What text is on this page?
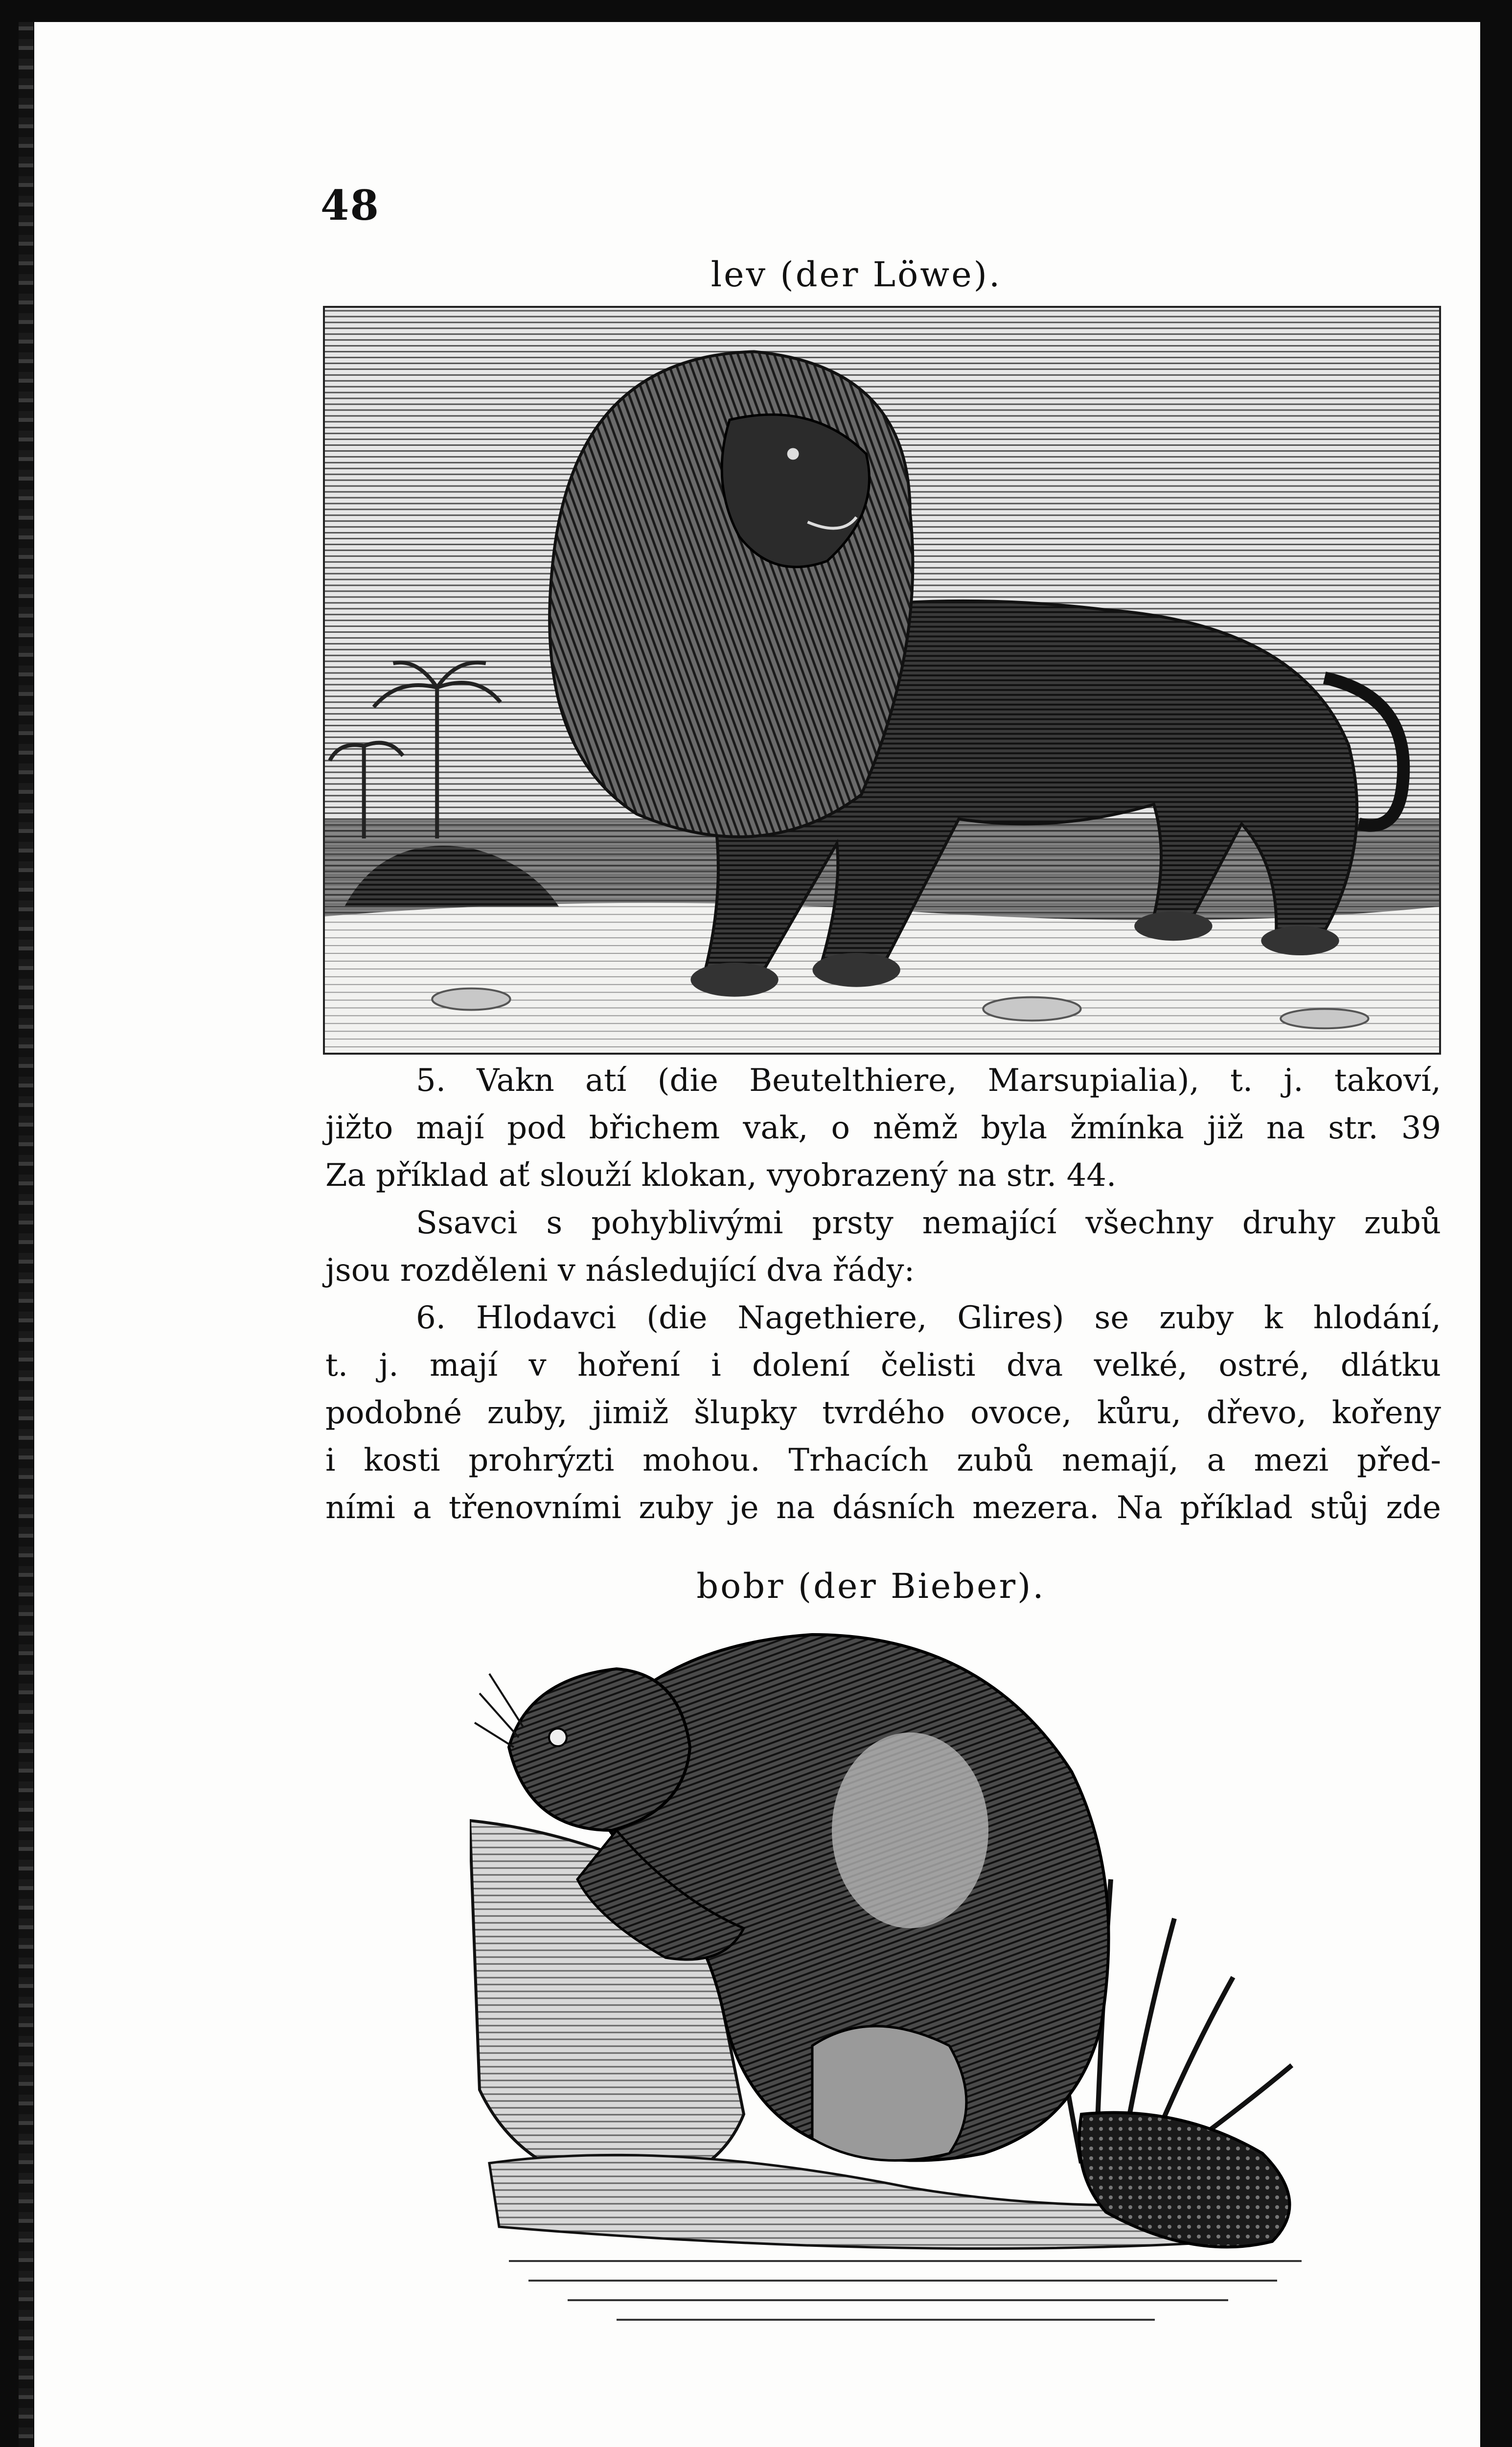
48
lev (der Löwe).
5. Vakn atí (die Beutelthiere, Marsupialia), t. j. takoví,
jižto mají pod břichem vak, o němž byla žmínka již na str. 39
Za příklad ať slouží klokan, vyobrazený na str. 44.
Ssavci s pohyblivými prsty nemající všechny druhy zubů
jsou rozděleni v následující dva řády:
6. Hlodavci (die Nagethiere, Glires) se zuby k hlodání,
t. j. mají v hoření i dolení čelisti dva velké, ostré, dlátku
podobné zuby, jimiž šlupky tvrdého ovoce, kůru, dřevo, kořeny
i kosti prohrýzti mohou. Trhacích zubů nemají, a mezi před-
ními a třenovními zuby je na dásních mezera. Na příklad stůj zde
bobr (der Bieber).
